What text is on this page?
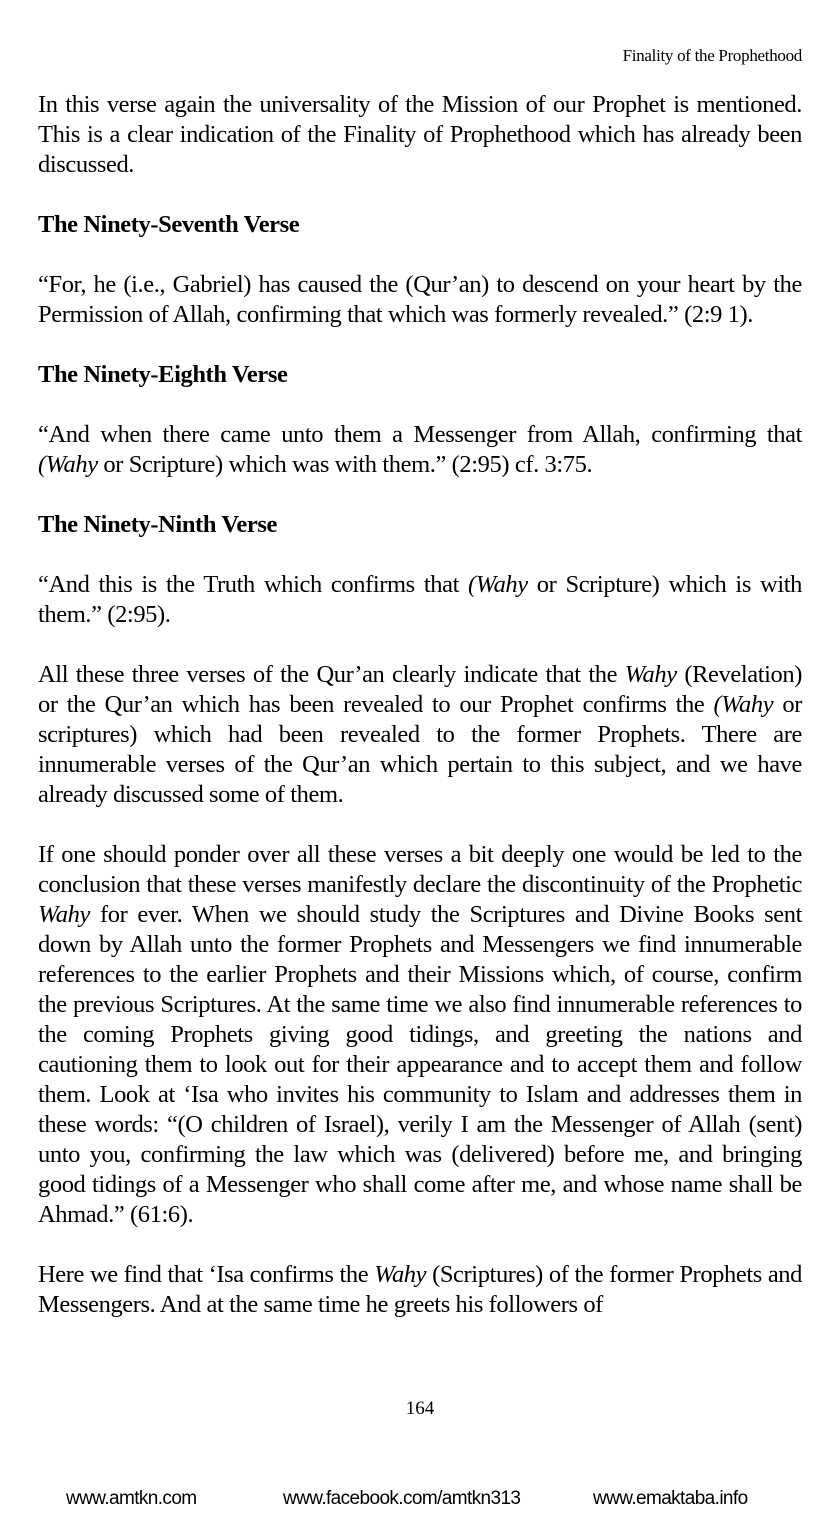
Finality of the Prophethood

In this verse again the universality of the Mission of our Prophet is mentioned. This is a clear indication of the Finality of Prophethood which has already been discussed.

The Ninety-Seventh Verse

“For, he (i.e., Gabriel) has caused the (Qur’an) to descend on your heart by the Permission of Allah, confirming that which was formerly revealed.” (2:9 1).

The Ninety-Eighth Verse

“And when there came unto them a Messenger from Allah, confirming that (Wahy or Scripture) which was with them.” (2:95) cf. 3:75.

The Ninety-Ninth Verse

“And this is the Truth which confirms that (Wahy or Scripture) which is with them.” (2:95).

All these three verses of the Qur’an clearly indicate that the Wahy (Revelation) or the Qur’an which has been revealed to our Prophet confirms the (Wahy or scriptures) which had been revealed to the former Prophets. There are innumerable verses of the Qur’an which pertain to this subject, and we have already discussed some of them.

If one should ponder over all these verses a bit deeply one would be led to the conclusion that these verses manifestly declare the discontinuity of the Prophetic Wahy for ever. When we should study the Scriptures and Divine Books sent down by Allah unto the former Prophets and Messengers we find innumerable references to the earlier Prophets and their Missions which, of course, confirm the previous Scriptures. At the same time we also find innumerable references to the coming Prophets giving good tidings, and greeting the nations and cautioning them to look out for their appearance and to accept them and follow them. Look at ‘Isa who invites his community to Islam and addresses them in these words: “(O children of Israel), verily I am the Messenger of Allah (sent) unto you, confirming the law which was (delivered) before me, and bringing good tidings of a Messenger who shall come after me, and whose name shall be Ahmad.” (61:6).

Here we find that ‘Isa confirms the Wahy (Scriptures) of the former Prophets and Messengers. And at the same time he greets his followers of

164
www.amtkn.com	www.facebook.com/amtkn313	www.emaktaba.info
